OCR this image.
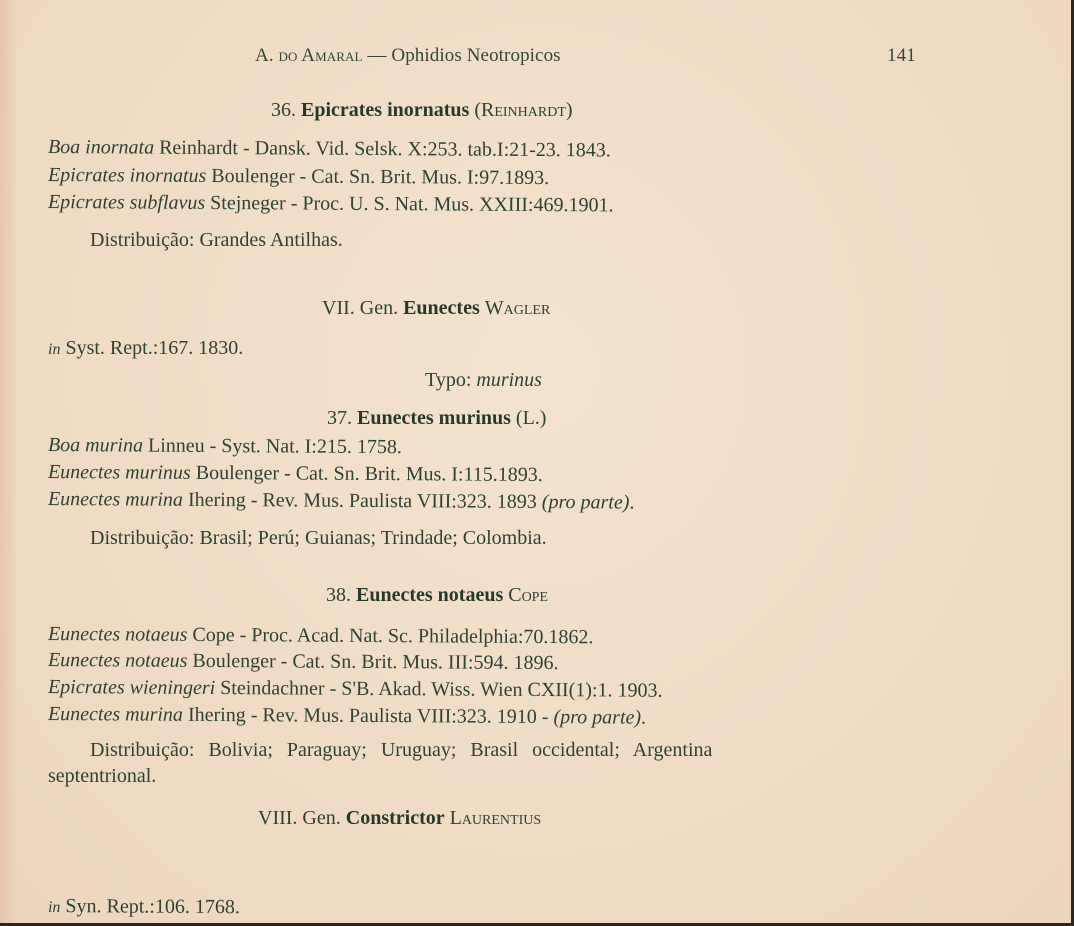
A. do Amaral — Ophidios Neotropicos	141
36. Epicrates inornatus (Reinhardt)
Boa inornata Reinhardt - Dansk. Vid. Selsk. X:253. tab.I:21-23. 1843.
Epicrates inornatus Boulenger - Cat. Sn. Brit. Mus. I:97.1893.
Epicrates subflavus Stejneger - Proc. U. S. Nat. Mus. XXIII:469.1901.
Distribuição: Grandes Antilhas.
VII. Gen. Eunectes Wagler
in Syst. Rept.:167. 1830.
Typo: murinus
37. Eunectes murinus (L.)
Boa murina Linneu - Syst. Nat. I:215. 1758.
Eunectes murinus Boulenger - Cat. Sn. Brit. Mus. I:115.1893.
Eunectes murina Ihering - Rev. Mus. Paulista VIII:323. 1893 (pro parte).
Distribuição: Brasil; Perú; Guianas; Trindade; Colombia.
38. Eunectes notaeus Cope
Eunectes notaeus Cope - Proc. Acad. Nat. Sc. Philadelphia:70.1862.
Eunectes notaeus Boulenger - Cat. Sn. Brit. Mus. III:594. 1896.
Epicrates wieningeri Steindachner - S'B. Akad. Wiss. Wien CXII(1):1. 1903.
Eunectes murina Ihering - Rev. Mus. Paulista VIII:323. 1910 - (pro parte).
Distribuição: Bolivia; Paraguay; Uruguay; Brasil occidental; Argentina
septentrional.
VIII. Gen. Constrictor Laurentius
in Syn. Rept.:106. 1768.
